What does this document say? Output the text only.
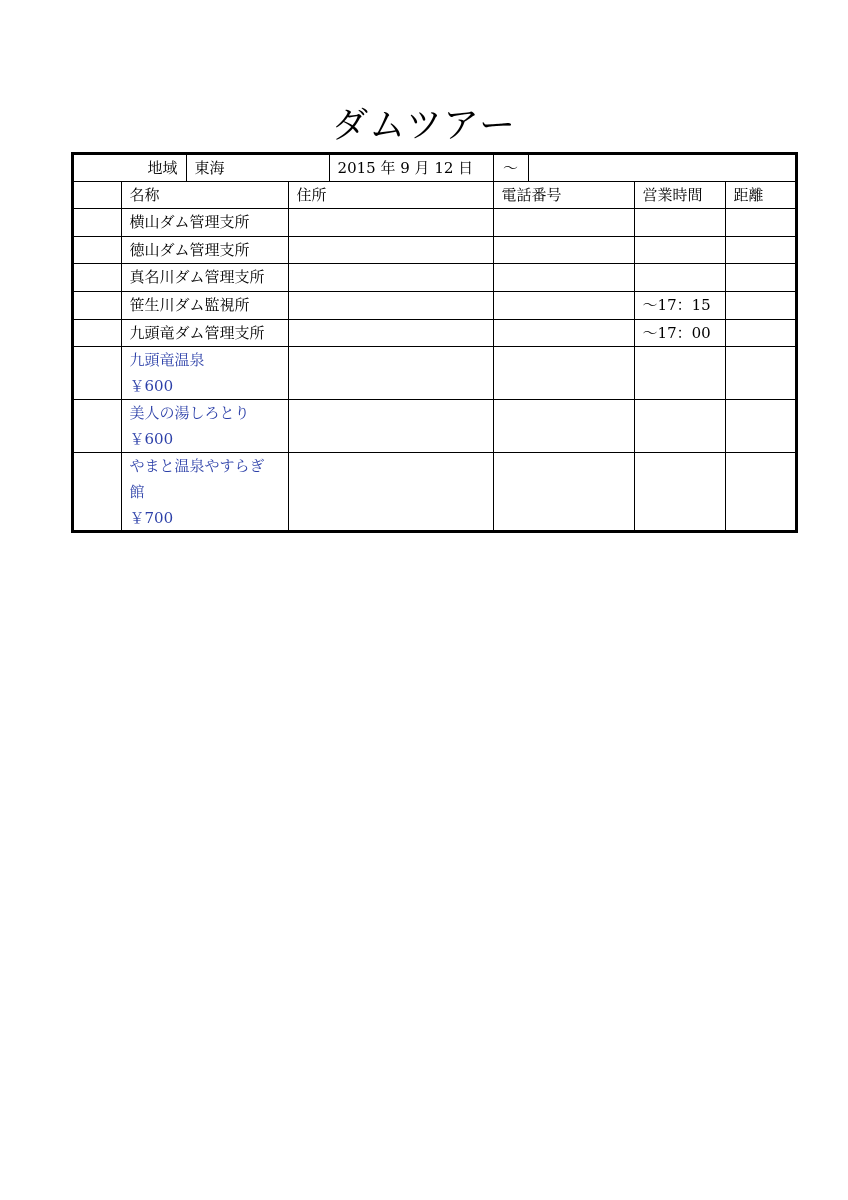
ダムツアー
地域		東海		2015 年 9 月 12 日	〜			
	名称		住所		電話番号		営業時間	距離

	横山ダム管理支所							

	徳山ダム管理支所							

	真名川ダム管理支所							

	笹生川ダム監視所						〜17：15	

	九頭竜ダム管理支所						〜17：00	

	九頭竜温泉
￥600							

	美人の湯しろとり
￥600							

	やまと温泉やすらぎ
館
￥700							
